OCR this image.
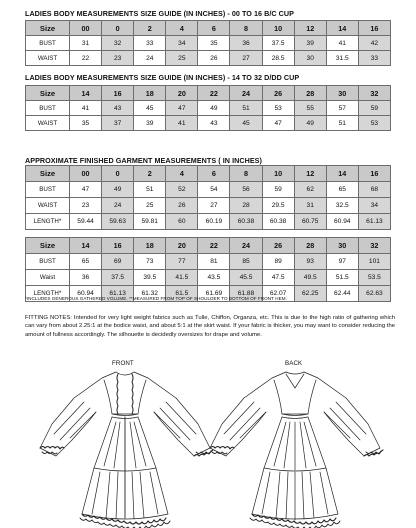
LADIES BODY MEASUREMENTS SIZE GUIDE (IN INCHES) - 00 TO 16 B/C CUP
Size	00	0	2	4	6	8	10	12	14	16
BUST	31	32	33	34	35	36	37.5	39	41	42
WAIST	22	23	24	25	26	27	28.5	30	31.5	33
LADIES BODY MEASUREMENTS SIZE GUIDE (IN INCHES) - 14 TO 32 D/DD CUP
Size	14	16	18	20	22	24	26	28	30	32
BUST	41	43	45	47	49	51	53	55	57	59
WAIST	35	37	39	41	43	45	47	49	51	53
APPROXIMATE FINISHED GARMENT MEASUREMENTS ( IN INCHES)
Size	00	0	2	4	6	8	10	12	14	16
BUST	47	49	51	52	54	56	59	62	65	68
WAIST	23	24	25	26	27	28	29.5	31	32.5	34
LENGTH*	59.44	59.63	59.81	60	60.19	60.38	60.38	60.75	60.94	61.13
Size	14	16	18	20	22	24	26	28	30	32
BUST	65	69	73	77	81	85	89	93	97	101
Waist	36	37.5	39.5	41.5	43.5	45.5	47.5	49.5	51.5	53.5
LENGTH*	60.94	61.13	61.32	61.5	61.69	61.88	62.07	62.25	62.44	62.63
*INCLUDES GENEROUS GATHERED VOLUME. **MEASURED FROM TOP OF SHOULDER TO BOTTOM OF FRONT HEM.
FITTING NOTES: Intended for very light weight fabrics such as Tulle, Chiffon, Organza, etc. This is due to the high ratio of gathering which can vary from about 2.25:1 at the bodice waist, and about 5:1 at the skirt waist. If your fabric is thicker, you may want to consider reducing the amount of fullness accordingly. The silhouette is decidedly oversizes for drape and volume.
FRONT	BACK
